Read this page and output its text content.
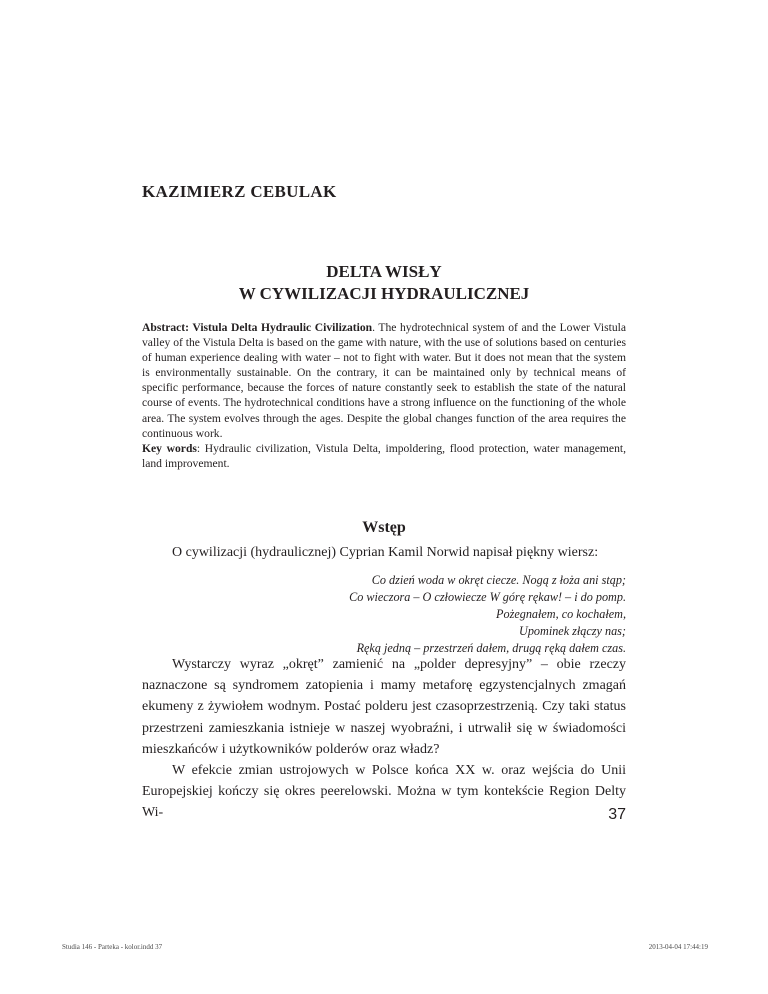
KAZIMIERZ CEBULAK
DELTA WISŁY
W CYWILIZACJI HYDRAULICZNEJ

Abstract: Vistula Delta Hydraulic Civilization. The hydrotechnical system of and the Lower Vistula valley of the Vistula Delta is based on the game with nature, with the use of solutions based on centuries of human experience dealing with water – not to fight with water. But it does not mean that the system is environmentally sustainable. On the contrary, it can be maintained only by technical means of specific performance, because the forces of nature constantly seek to establish the state of the natural course of events. The hydrotechnical conditions have a strong influence on the functioning of the whole area. The system evolves through the ages. Despite the global changes function of the area requires the continuous work.
Key words: Hydraulic civilization, Vistula Delta, impoldering, flood protection, water management, land improvement.

Wstęp

O cywilizacji (hydraulicznej) Cyprian Kamil Norwid napisał piękny wiersz:

Co dzień woda w okręt ciecze. Nogą z łoża ani stąp;
Co wieczora – O człowiecze W górę rękaw! – i do pomp.
Pożegnałem, co kochałem,
Upominek złączy nas;
Ręką jedną – przestrzeń dałem, drugą ręką dałem czas.

Wystarczy wyraz „okręt” zamienić na „polder depresyjny” – obie rzeczy naznaczone są syndromem zatopienia i mamy metaforę egzystencjalnych zmagań ekumeny z żywiołem wodnym. Postać polderu jest czasoprzestrzenią. Czy taki status przestrzeni zamieszkania istnieje w naszej wyobraźni, i utrwalił się w świadomości mieszkańców i użytkowników polderów oraz władz?

W efekcie zmian ustrojowych w Polsce końca XX w. oraz wejścia do Unii Europejskiej kończy się okres peerelowski. Można w tym kontekście Region Delty Wi-	37
Studia 146 - Parteka - kolor.indd 37	2013-04-04 17:44:19
